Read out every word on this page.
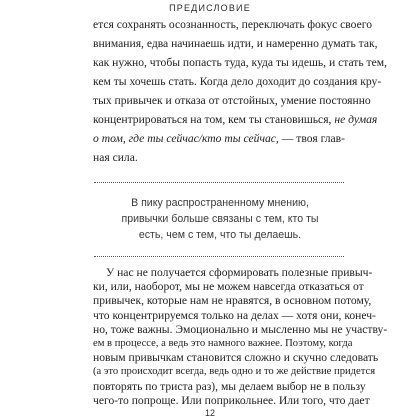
ПРЕДИСЛОВИЕ
ется сохранять осознанность, переключать фокус своего
внимания, едва начинаешь идти, и намеренно думать так,
как нужно, чтобы попасть туда, куда ты идешь, и стать тем,
кем ты хочешь стать. Когда дело доходит до создания кру-
тых привычек и отказа от отстойных, умение постоянно
концентрироваться на том, кем ты становишься, не думая
о том, где ты сейчас/кто ты сейчас, — твоя глав-
ная сила.
В пику распространенному мнению,
привычки больше связаны с тем, кто ты
есть, чем с тем, что ты делаешь.
У нас не получается сформировать полезные привыч-
ки, или, наоборот, мы не можем навсегда отказаться от
привычек, которые нам не нравятся, в основном потому,
что концентрируемся только на делах — хотя они, конеч-
но, тоже важны. Эмоционально и мысленно мы не участву-
ем в процессе, а ведь это намного важнее. Поэтому, когда
новым привычкам становится сложно и скучно следовать
(а это происходит всегда, ведь одно и то же действие придется
повторять по триста раз), мы делаем выбор не в пользу
чего-то попроще. Или поприкольнее. Или того, что дает
12
